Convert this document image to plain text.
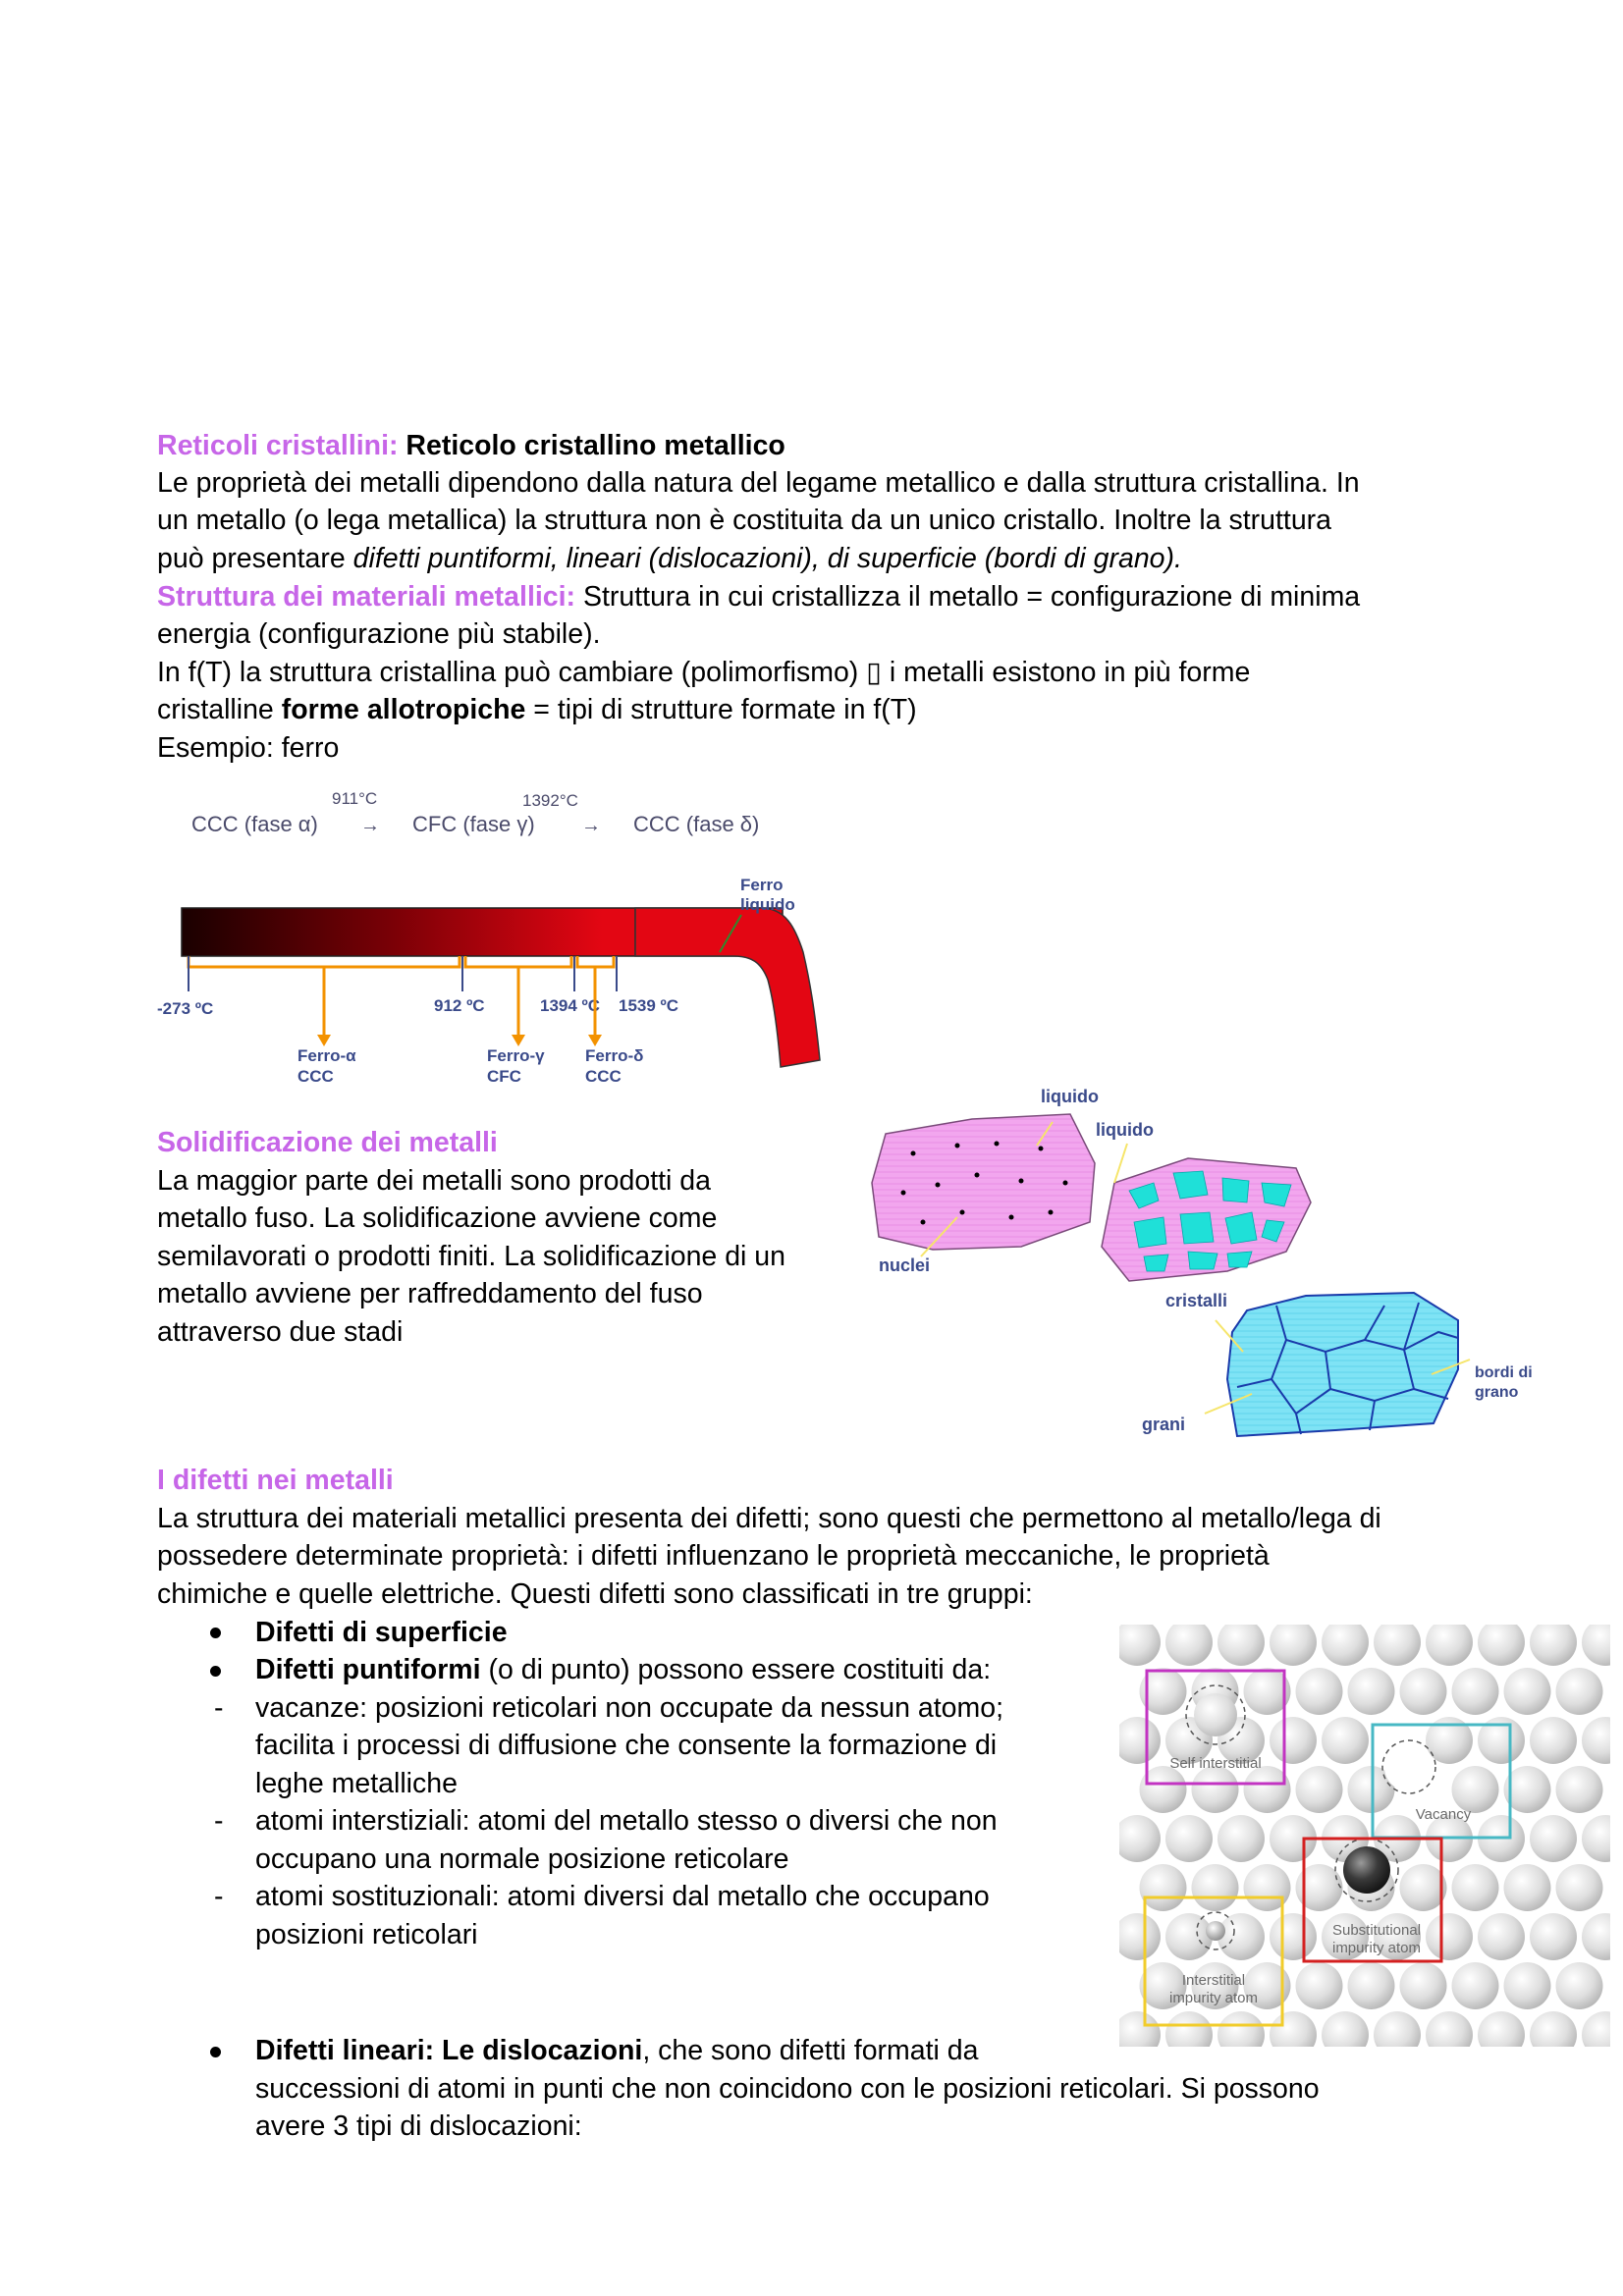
Reticoli cristallini: Reticolo cristallino metallico
Le proprietà dei metalli dipendono dalla natura del legame metallico e dalla struttura cristallina. In
un metallo (o lega metallica) la struttura non è costituita da un unico cristallo. Inoltre la struttura
può presentare difetti puntiformi, lineari (dislocazioni), di superficie (bordi di grano).
Struttura dei materiali metallici: Struttura in cui cristallizza il metallo = configurazione di minima
energia (configurazione più stabile).
In f(T) la struttura cristallina può cambiare (polimorfismo) ▯ i metalli esistono in più forme
cristalline forme allotropiche = tipi di strutture formate in f(T)
Esempio: ferro
911°C	1392°C
CCC (fase α) → CFC (fase γ) → CCC (fase δ)
Ferro
liquido
-273 ºC	912 ºC	1394 ºC 1539 ºC
Ferro-α
CCC
Ferro-γ
CFC
Ferro-δ
CCC
Solidificazione dei metalli
La maggior parte dei metalli sono prodotti da
metallo fuso. La solidificazione avviene come
semilavorati o prodotti finiti. La solidificazione di un
metallo avviene per raffreddamento del fuso
attraverso due stadi
liquido
liquido
nuclei
cristalli
bordi di
grano
grani
I difetti nei metalli
La struttura dei materiali metallici presenta dei difetti; sono questi che permettono al metallo/lega di
possedere determinate proprietà: i difetti influenzano le proprietà meccaniche, le proprietà
chimiche e quelle elettriche. Questi difetti sono classificati in tre gruppi:
Difetti di superficie
Difetti puntiformi (o di punto) possono essere costituiti da:
- vacanze: posizioni reticolari non occupate da nessun atomo;
facilita i processi di diffusione che consente la formazione di
leghe metalliche
- atomi interstiziali: atomi del metallo stesso o diversi che non
occupano una normale posizione reticolare
- atomi sostituzionali: atomi diversi dal metallo che occupano
posizioni reticolari
Difetti lineari: Le dislocazioni, che sono difetti formati da
successioni di atomi in punti che non coincidono con le posizioni reticolari. Si possono
avere 3 tipi di dislocazioni:
Self interstitial
Vacancy
Substitutional
impurity atom
Interstitial
impurity atom
